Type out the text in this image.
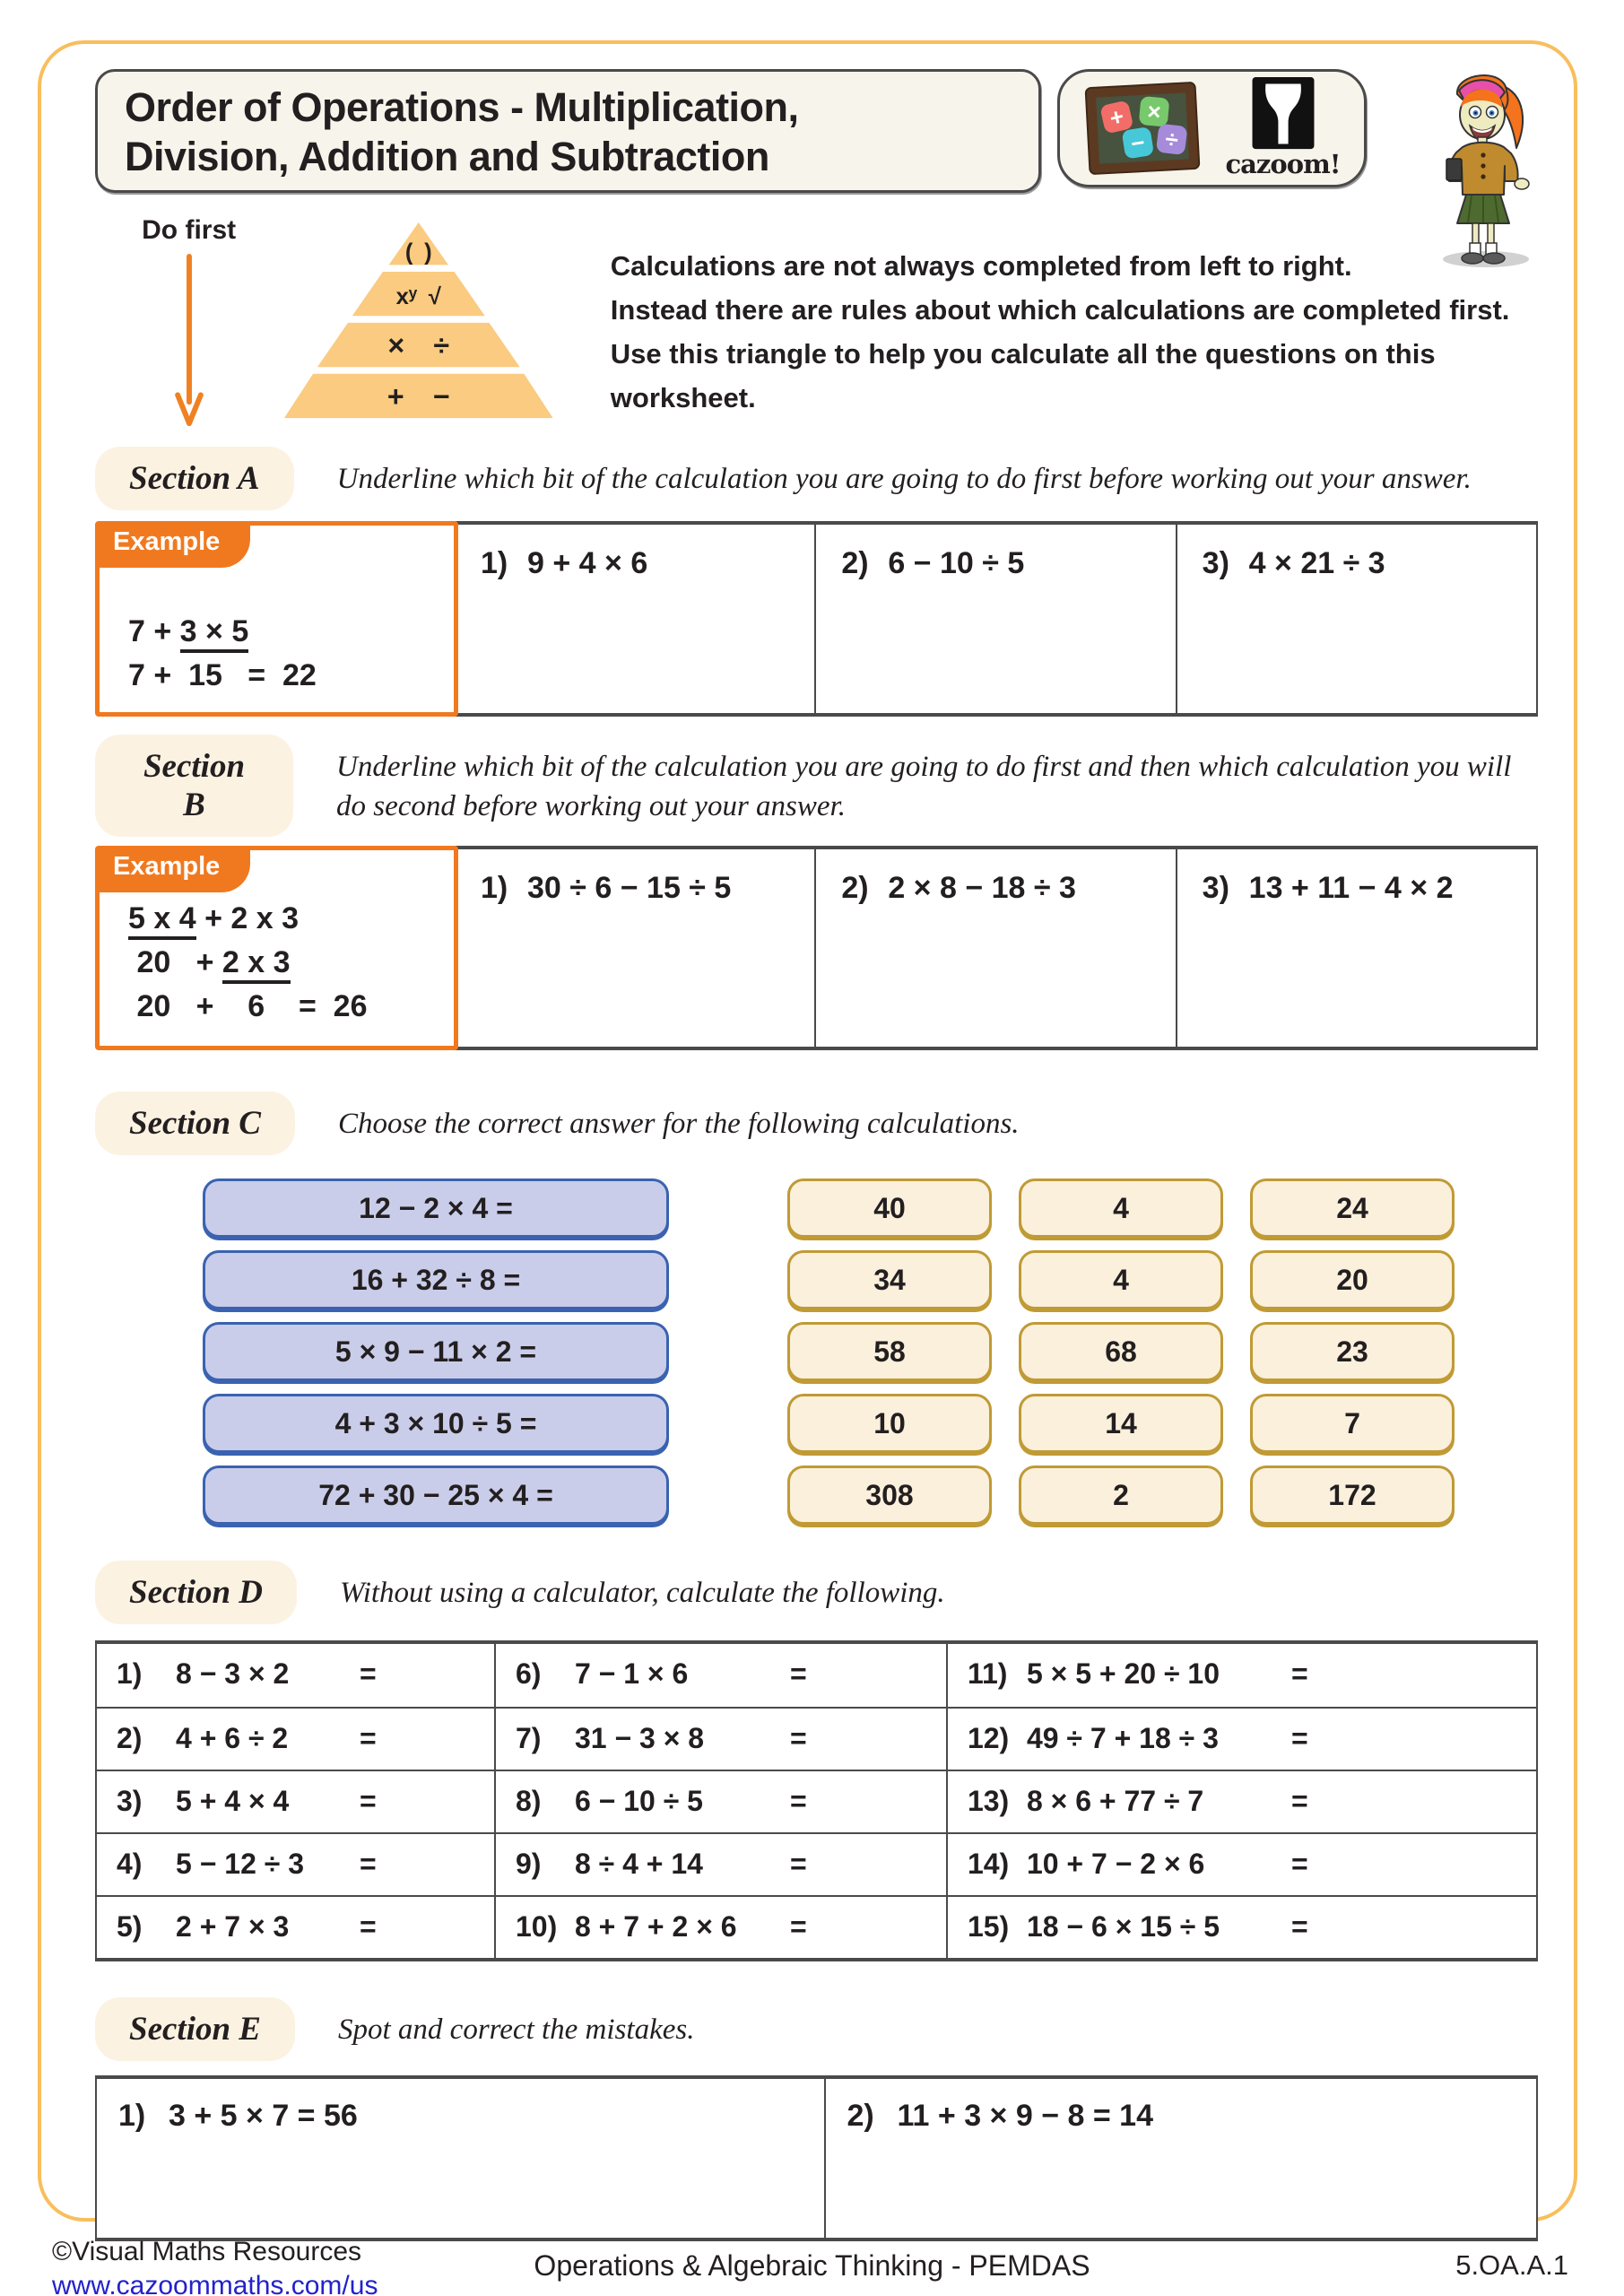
Order of Operations - Multiplication,
Division, Addition and Subtraction
+ ×
− ÷
cazoom!
Do first
( )
xʸ √
×  ÷
+  −
Calculations are not always completed from left to right.
Instead there are rules about which calculations are completed first.
Use this triangle to help you calculate all the questions on this worksheet.
Section A	Underline which bit of the calculation you are going to do first before working out your answer.
Example
7 + 3 × 5
7 +  15   =  22
1) 9 + 4 × 6	2) 6 − 10 ÷ 5	3) 4 × 21 ÷ 3
Section B
Underline which bit of the calculation you are going to do first and then which calculation you will do second before working out your answer.
Example
5 x 4 + 2 x 3
20   + 2 x 3
20   +    6    =  26
1) 30 ÷ 6 − 15 ÷ 5	2) 2 × 8 − 18 ÷ 3	3) 13 + 11 − 4 × 2
Section C	Choose the correct answer for the following calculations.
12 − 2 × 4 =	40	4	24
16 + 32 ÷ 8 =	34	4	20
5 × 9 − 11 × 2 =	58	68	23
4 + 3 × 10 ÷ 5 =	10	14	7
72 + 30 − 25 × 4 =	308	2	172
Section D	Without using a calculator, calculate the following.
1)	8 − 3 × 2	=	6)	7 − 1 × 6	=	11) 5 × 5 + 20 ÷ 10	=
2)	4 + 6 ÷ 2	=	7)	31 − 3 × 8	=	12) 49 ÷ 7 + 18 ÷ 3	=
3)	5 + 4 × 4	=	8)	6 − 10 ÷ 5	=	13) 8 × 6 + 77 ÷ 7	=
4)	5 − 12 ÷ 3	=	9)	8 ÷ 4 + 14	=	14) 10 + 7 − 2 × 6	=
5)	2 + 7 × 3	=	10) 8 + 7 + 2 × 6	=	15) 18 − 6 × 15 ÷ 5	=
Section E	Spot and correct the mistakes.
1) 3 + 5 × 7 = 56	2) 11 + 3 × 9 − 8 = 14
©Visual Maths Resources
www.cazoommaths.com/us
Operations & Algebraic Thinking - PEMDAS	5.OA.A.1
